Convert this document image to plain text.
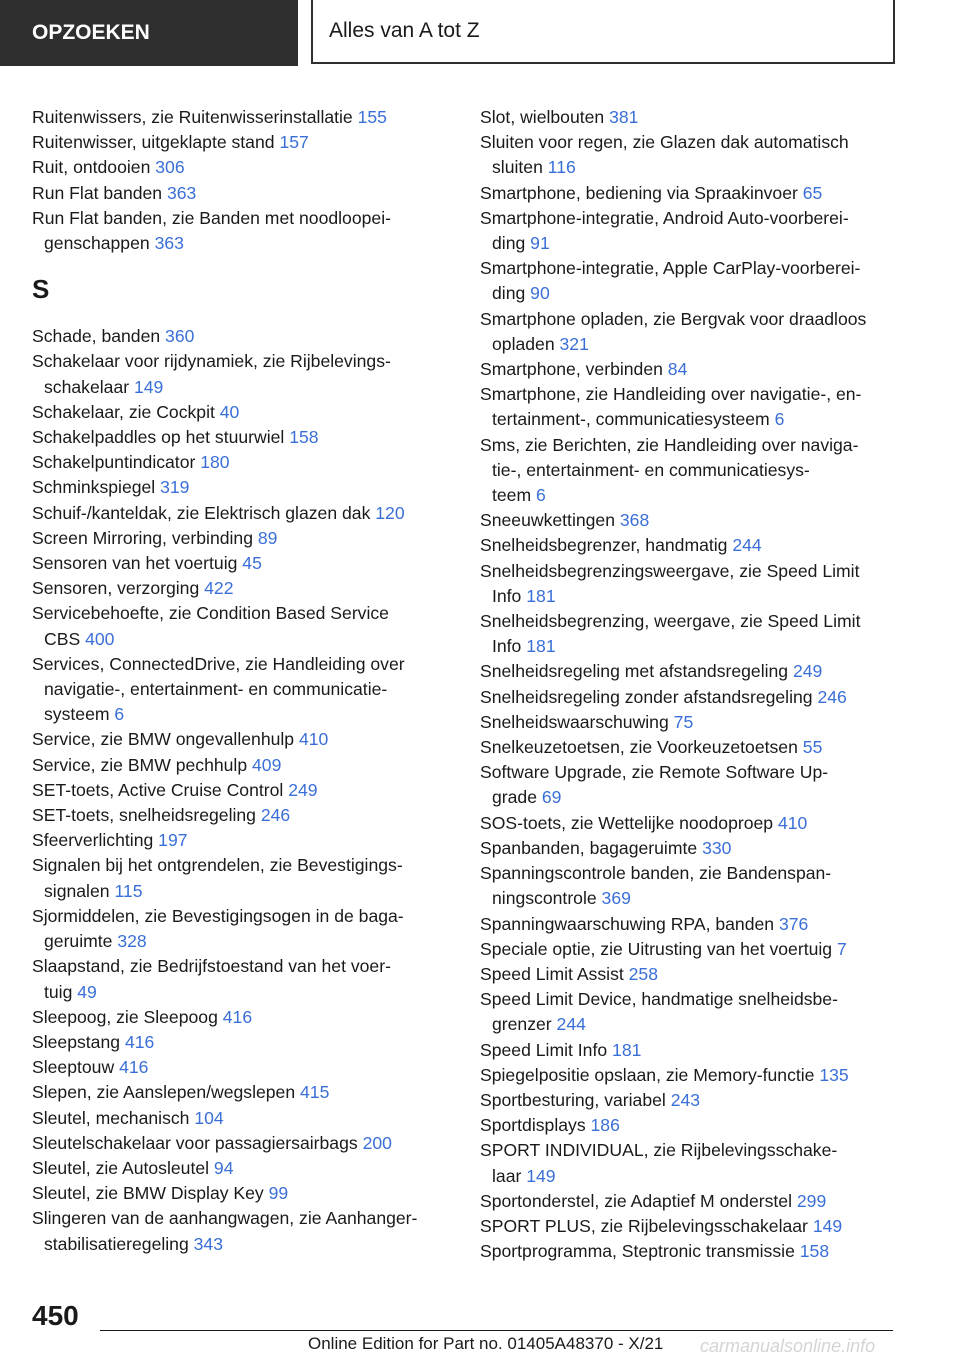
OPZOEKEN	Alles van A tot Z
Ruitenwissers, zie Ruitenwisserinstallatie 155
Ruitenwisser, uitgeklapte stand 157
Ruit, ontdooien 306
Run Flat banden 363
Run Flat banden, zie Banden met noodloopei-
genschappen 363
S
Schade, banden 360
Schakelaar voor rijdynamiek, zie Rijbelevings-
schakelaar 149
Schakelaar, zie Cockpit 40
Schakelpaddles op het stuurwiel 158
Schakelpuntindicator 180
Schminkspiegel 319
Schuif-/kanteldak, zie Elektrisch glazen dak 120
Screen Mirroring, verbinding 89
Sensoren van het voertuig 45
Sensoren, verzorging 422
Servicebehoefte, zie Condition Based Service
CBS 400
Services, ConnectedDrive, zie Handleiding over
navigatie-, entertainment- en communicatie-
systeem 6
Service, zie BMW ongevallenhulp 410
Service, zie BMW pechhulp 409
SET-toets, Active Cruise Control 249
SET-toets, snelheidsregeling 246
Sfeerverlichting 197
Signalen bij het ontgrendelen, zie Bevestigings-
signalen 115
Sjormiddelen, zie Bevestigingsogen in de baga-
geruimte 328
Slaapstand, zie Bedrijfstoestand van het voer-
tuig 49
Sleepoog, zie Sleepoog 416
Sleepstang 416
Sleeptouw 416
Slepen, zie Aanslepen/wegslepen 415
Sleutel, mechanisch 104
Sleutelschakelaar voor passagiersairbags 200
Sleutel, zie Autosleutel 94
Sleutel, zie BMW Display Key 99
Slingeren van de aanhangwagen, zie Aanhanger-
stabilisatieregeling 343
Slot, wielbouten 381
Sluiten voor regen, zie Glazen dak automatisch
sluiten 116
Smartphone, bediening via Spraakinvoer 65
Smartphone-integratie, Android Auto-voorberei-
ding 91
Smartphone-integratie, Apple CarPlay-voorberei-
ding 90
Smartphone opladen, zie Bergvak voor draadloos
opladen 321
Smartphone, verbinden 84
Smartphone, zie Handleiding over navigatie-, en-
tertainment-, communicatiesysteem 6
Sms, zie Berichten, zie Handleiding over naviga-
tie-, entertainment- en communicatiesys-
teem 6
Sneeuwkettingen 368
Snelheidsbegrenzer, handmatig 244
Snelheidsbegrenzingsweergave, zie Speed Limit
Info 181
Snelheidsbegrenzing, weergave, zie Speed Limit
Info 181
Snelheidsregeling met afstandsregeling 249
Snelheidsregeling zonder afstandsregeling 246
Snelheidswaarschuwing 75
Snelkeuzetoetsen, zie Voorkeuzetoetsen 55
Software Upgrade, zie Remote Software Up-
grade 69
SOS-toets, zie Wettelijke noodoproep 410
Spanbanden, bagageruimte 330
Spanningscontrole banden, zie Bandenspan-
ningscontrole 369
Spanningwaarschuwing RPA, banden 376
Speciale optie, zie Uitrusting van het voertuig 7
Speed Limit Assist 258
Speed Limit Device, handmatige snelheidsbe-
grenzer 244
Speed Limit Info 181
Spiegelpositie opslaan, zie Memory-functie 135
Sportbesturing, variabel 243
Sportdisplays 186
SPORT INDIVIDUAL, zie Rijbelevingsschake-
laar 149
Sportonderstel, zie Adaptief M onderstel 299
SPORT PLUS, zie Rijbelevingsschakelaar 149
Sportprogramma, Steptronic transmissie 158
450
Online Edition for Part no. 01405A48370 - X/21 carmanualsonline.info
